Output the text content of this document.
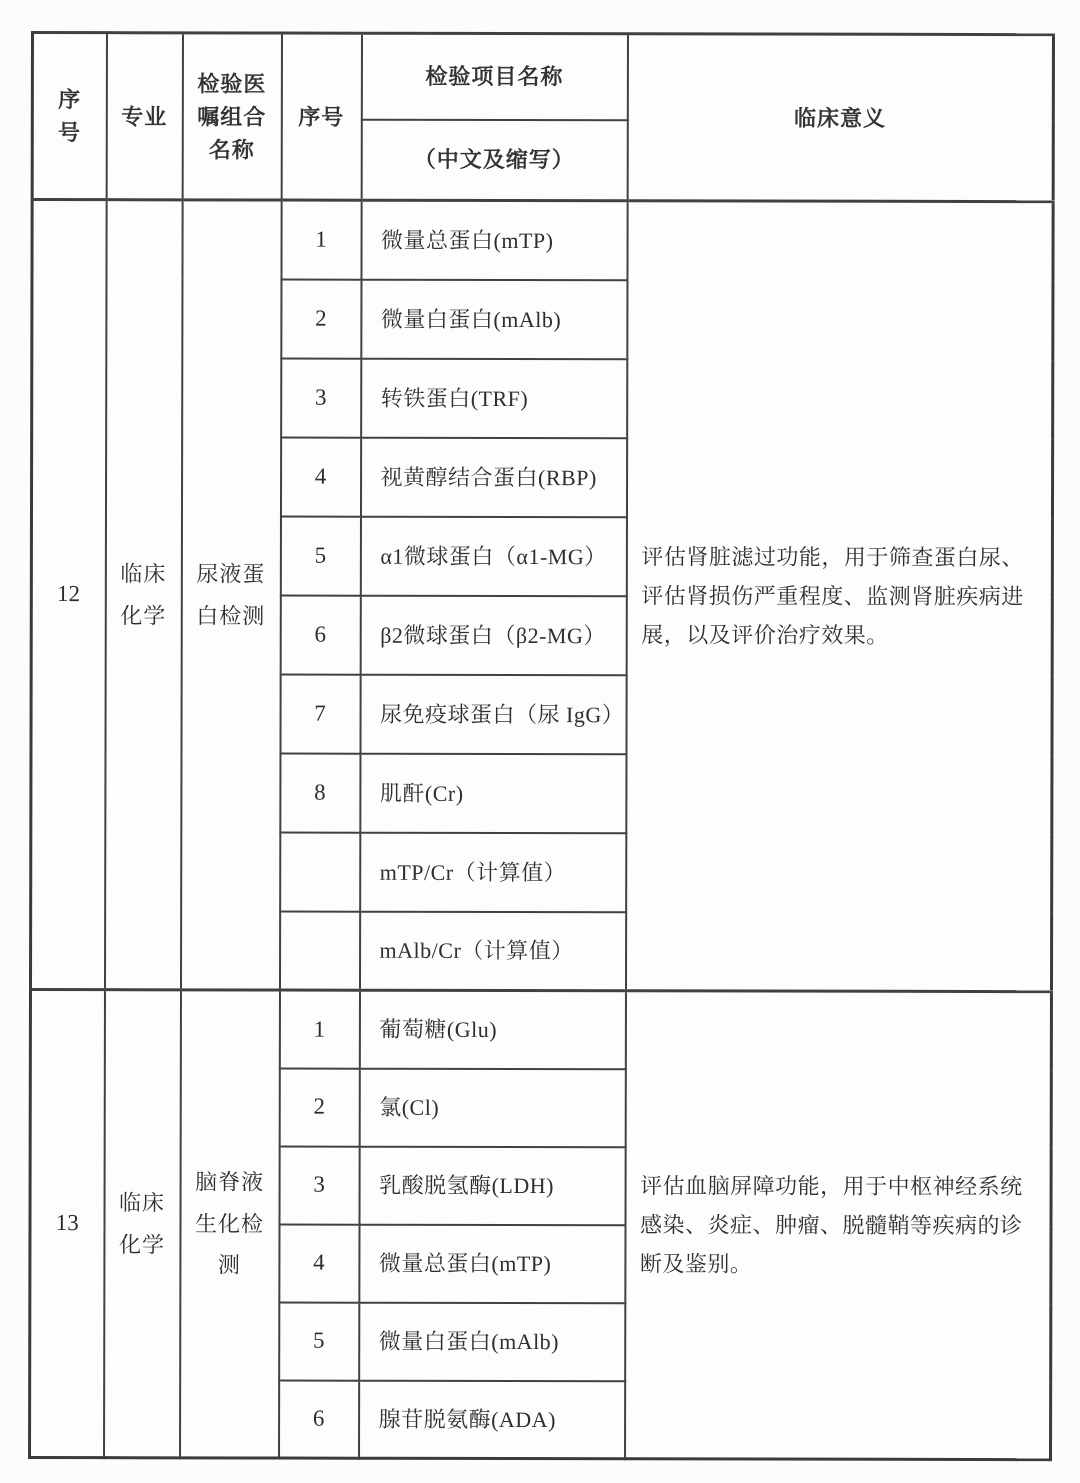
序号	专业	检验医嘱组合名称	序号	检验项目名称	临床意义
				（中文及缩写）	
12	临床化学	尿液蛋白检测	1	微量总蛋白(mTP)	评估肾脏滤过功能，用于筛查蛋白尿、评估肾损伤严重程度、监测肾脏疾病进展，以及评价治疗效果。
			2	微量白蛋白(mAlb)	
			3	转铁蛋白(TRF)	
			4	视黄醇结合蛋白(RBP)	
			5	α1微球蛋白（α1-MG）	
			6	β2微球蛋白（β2-MG）	
			7	尿免疫球蛋白（尿 IgG）	
			8	肌酐(Cr)	
				mTP/Cr（计算值）	
				mAlb/Cr（计算值）	
13	临床化学	脑脊液生化检测	1	葡萄糖(Glu)	评估血脑屏障功能，用于中枢神经系统感染、炎症、肿瘤、脱髓鞘等疾病的诊断及鉴别。
			2	氯(Cl)	
			3	乳酸脱氢酶(LDH)	
			4	微量总蛋白(mTP)	
			5	微量白蛋白(mAlb)	
			6	腺苷脱氨酶(ADA)	
